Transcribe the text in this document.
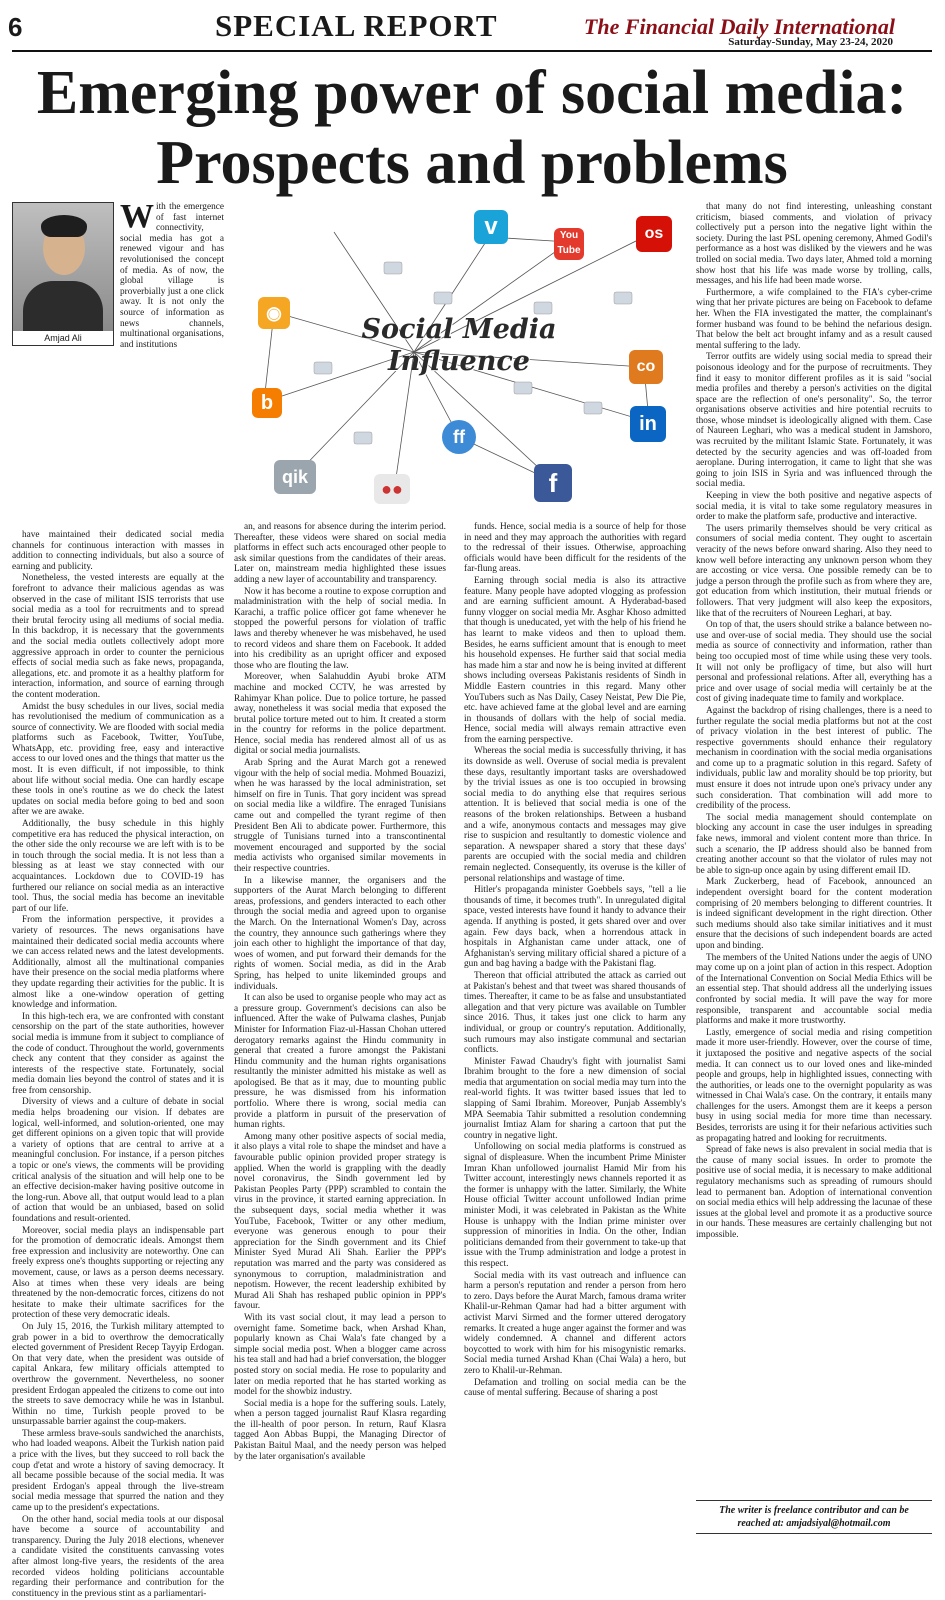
6	SPECIAL REPORT	The Financial Daily International
Saturday-Sunday, May 23-24, 2020
Emerging power of social media:
Prospects and problems
Amjad Ali
With the emergence of fast internet connectivity, social media has got a renewed vigour and has revolutionised the concept of media. As of now, the global village is proverbially just a one click away. It is not only the source of information as news channels, multinational organisations, and institutions

have maintained their dedicated social media channels for continuous interaction with masses in addition to connecting individuals, but also a source of earning and publicity.

Nonetheless, the vested interests are equally at the forefront to advance their malicious agendas as was observed in the case of militant ISIS terrorists that use social media as a tool for recruitments and to spread their brutal ferocity using all mediums of social media. In this backdrop, it is necessary that the governments and the social media outlets collectively adopt more aggressive approach in order to counter the pernicious effects of social media such as fake news, propaganda, allegations, etc. and promote it as a healthy platform for interaction, information, and source of earning through the content moderation.

Amidst the busy schedules in our lives, social media has revolutionised the medium of communication as a source of connectivity. We are flooded with social media platforms such as Facebook, Twitter, YouTube, WhatsApp, etc. providing free, easy and interactive access to our loved ones and the things that matter us the most. It is even difficult, if not impossible, to think about life without social media. One can hardly escape these tools in one's routine as we do check the latest updates on social media before going to bed and soon after we are awake.

Additionally, the busy schedule in this highly competitive era has reduced the physical interaction, on the other side the only recourse we are left with is to be in touch through the social media. It is not less than a blessing as at least we stay connected with our acquaintances. Lockdown due to COVID-19 has furthered our reliance on social media as an interactive tool. Thus, the social media has become an inevitable part of our life.

From the information perspective, it provides a variety of resources. The news organisations have maintained their dedicated social media accounts where we can access related news and the latest developments. Additionally, almost all the multinational companies have their presence on the social media platforms where they update regarding their activities for the public. It is almost like a one-window operation of getting knowledge and information.

In this high-tech era, we are confronted with constant censorship on the part of the state authorities, however social media is immune from it subject to compliance of the code of conduct. Throughout the world, governments check any content that they consider as against the interests of the respective state. Fortunately, social media domain lies beyond the control of states and it is free from censorship.

Diversity of views and a culture of debate in social media helps broadening our vision. If debates are logical, well-informed, and solution-oriented, one may get different opinions on a given topic that will provide a variety of options that are central to arrive at a meaningful conclusion. For instance, if a person pitches a topic or one's views, the comments will be providing critical analysis of the situation and will help one to be an effective decision-maker having positive outcome in the long-run. Above all, that output would lead to a plan of action that would be an unbiased, based on solid foundations and result-oriented.

Moreover, social media plays an indispensable part for the promotion of democratic ideals. Amongst them free expression and inclusivity are noteworthy. One can freely express one's thoughts supporting or rejecting any movement, cause, or laws as a person deems necessary. Also at times when these very ideals are being threatened by the non-democratic forces, citizens do not hesitate to make their ultimate sacrifices for the protection of these very democratic ideals.

On July 15, 2016, the Turkish military attempted to grab power in a bid to overthrow the democratically elected government of President Recep Tayyip Erdogan. On that very date, when the president was outside of capital Ankara, few military officials attempted to overthrow the government. Nevertheless, no sooner president Erdogan appealed the citizens to come out into the streets to save democracy while he was in Istanbul. Within no time, Turkish people proved to be unsurpassable barrier against the coup-makers.

These armless brave-souls sandwiched the anarchists, who had loaded weapons. Albeit the Turkish nation paid a price with the lives, but they succeed to roll back the coup d'etat and wrote a history of saving democracy. It all became possible because of the social media. It was president Erdogan's appeal through the live-stream social media message that spurred the nation and they came up to the president's expectations.

On the other hand, social media tools at our disposal have become a source of accountability and transparency. During the July 2018 elections, whenever a candidate visited the constituents canvassing votes after almost long-five years, the residents of the area recorded videos holding politicians accountable regarding their performance and contribution for the constituency in the previous stint as a parliamentari-

v	You Tube
os
◉
b
qik
co
in
ff
f
●●
Social Media
Influence

an, and reasons for absence during the interim period. Thereafter, these videos were shared on social media platforms in effect such acts encouraged other people to ask similar questions from the candidates of their areas. Later on, mainstream media highlighted these issues adding a new layer of accountability and transparency.

Now it has become a routine to expose corruption and maladministration with the help of social media. In Karachi, a traffic police officer got fame whenever he stopped the powerful persons for violation of traffic laws and thereby whenever he was misbehaved, he used to record videos and share them on Facebook. It added into his credibility as an upright officer and exposed those who are flouting the law.

Moreover, when Salahuddin Ayubi broke ATM machine and mocked CCTV, he was arrested by Rahimyar Khan police. Due to police torture, he passed away, nonetheless it was social media that exposed the brutal police torture meted out to him. It created a storm in the country for reforms in the police department. Hence, social media has rendered almost all of us as digital or social media journalists.

Arab Spring and the Aurat March got a renewed vigour with the help of social media. Mohmed Bouazizi, when he was harassed by the local administration, set himself on fire in Tunis. That gory incident was spread on social media like a wildfire. The enraged Tunisians came out and compelled the tyrant regime of then President Ben Ali to abdicate power. Furthermore, this struggle of Tunisians turned into a transcontinental movement encouraged and supported by the social media activists who organised similar movements in their respective countries.

In a likewise manner, the organisers and the supporters of the Aurat March belonging to different areas, professions, and genders interacted to each other through the social media and agreed upon to organise the March. On the International Women's Day, across the country, they announce such gatherings where they join each other to highlight the importance of that day, woes of women, and put forward their demands for the rights of women. Social media, as did in the Arab Spring, has helped to unite likeminded groups and individuals.

It can also be used to organise people who may act as a pressure group. Government's decisions can also be influenced. After the wake of Pulwama clashes, Punjab Minister for Information Fiaz-ul-Hassan Chohan uttered derogatory remarks against the Hindu community in general that created a furore amongst the Pakistani Hindu community and the human rights organisations resultantly the minister admitted his mistake as well as apologised. Be that as it may, due to mounting public pressure, he was dismissed from his information portfolio. Where there is wrong, social media can provide a platform in pursuit of the preservation of human rights.

Among many other positive aspects of social media, it also plays a vital role to shape the mindset and have a favourable public opinion provided proper strategy is applied. When the world is grappling with the deadly novel coronavirus, the Sindh government led by Pakistan Peoples Party (PPP) scrambled to contain the virus in the province, it started earning appreciation. In the subsequent days, social media whether it was YouTube, Facebook, Twitter or any other medium, everyone was generous enough to pour their appreciation for the Sindh government and its Chief Minister Syed Murad Ali Shah. Earlier the PPP's reputation was marred and the party was considered as synonymous to corruption, maladministration and nepotism. However, the recent leadership exhibited by Murad Ali Shah has reshaped public opinion in PPP's favour.

With its vast social clout, it may lead a person to overnight fame. Sometime back, when Arshad Khan, popularly known as Chai Wala's fate changed by a simple social media post. When a blogger came across his tea stall and had had a brief conversation, the blogger posted story on social media. He rose to popularity and later on media reported that he has started working as model for the showbiz industry.

Social media is a hope for the suffering souls. Lately, when a person tagged journalist Rauf Klasra regarding the ill-health of poor person. In return, Rauf Klasra tagged Aon Abbas Buppi, the Managing Director of Pakistan Baitul Maal, and the needy person was helped by the later organisation's available

funds. Hence, social media is a source of help for those in need and they may approach the authorities with regard to the redressal of their issues. Otherwise, approaching officials would have been difficult for the residents of the far-flung areas.

Earning through social media is also its attractive feature. Many people have adopted vlogging as profession and are earning sufficient amount. A Hyderabad-based funny vlogger on social media Mr. Asghar Khoso admitted that though is uneducated, yet with the help of his friend he has learnt to make videos and then to upload them. Besides, he earns sufficient amount that is enough to meet his household expenses. He further said that social media has made him a star and now he is being invited at different shows including overseas Pakistanis residents of Sindh in Middle Eastern countries in this regard. Many other YouTubers such as Nas Daily, Casey Neistat, Pew Die Pie, etc. have achieved fame at the global level and are earning in thousands of dollars with the help of social media. Hence, social media will always remain attractive even from the earning perspective.

Whereas the social media is successfully thriving, it has its downside as well. Overuse of social media is prevalent these days, resultantly important tasks are overshadowed by the trivial issues as one is too occupied in browsing social media to do anything else that requires serious attention. It is believed that social media is one of the reasons of the broken relationships. Between a husband and a wife, anonymous contacts and messages may give rise to suspicion and resultantly to domestic violence and separation. A newspaper shared a story that these days' parents are occupied with the social media and children remain neglected. Consequently, its overuse is the killer of personal relationships and wastage of time.

Hitler's propaganda minister Goebbels says, "tell a lie thousands of time, it becomes truth". In unregulated digital space, vested interests have found it handy to advance their agenda. If anything is posted, it gets shared over and over again. Few days back, when a horrendous attack in hospitals in Afghanistan came under attack, one of Afghanistan's serving military official shared a picture of a gun and bag having a badge with the Pakistani flag.

Thereon that official attributed the attack as carried out at Pakistan's behest and that tweet was shared thousands of times. Thereafter, it came to be as false and unsubstantiated allegation and that very picture was available on Tumbler since 2016. Thus, it takes just one click to harm any individual, or group or country's reputation. Additionally, such rumours may also instigate communal and sectarian conflicts.

Minister Fawad Chaudry's fight with journalist Sami Ibrahim brought to the fore a new dimension of social media that argumentation on social media may turn into the real-world fights. It was twitter based issues that led to slapping of Sami Ibrahim. Moreover, Punjab Assembly's MPA Seemabia Tahir submitted a resolution condemning journalist Imtiaz Alam for sharing a cartoon that put the country in negative light.

Unfollowing on social media platforms is construed as signal of displeasure. When the incumbent Prime Minister Imran Khan unfollowed journalist Hamid Mir from his Twitter account, interestingly news channels reported it as the former is unhappy with the latter. Similarly, the White House official Twitter account unfollowed Indian prime minister Modi, it was celebrated in Pakistan as the White House is unhappy with the Indian prime minister over suppression of minorities in India. On the other, Indian politicians demanded from their government to take-up that issue with the Trump administration and lodge a protest in this respect.

Social media with its vast outreach and influence can harm a person's reputation and render a person from hero to zero. Days before the Aurat March, famous drama writer Khalil-ur-Rehman Qamar had had a bitter argument with activist Marvi Sirmed and the former uttered derogatory remarks. It created a huge anger against the former and was widely condemned. A channel and different actors boycotted to work with him for his misogynistic remarks. Social media turned Arshad Khan (Chai Wala) a hero, but zero to Khalil-ur-Rehman.

Defamation and trolling on social media can be the cause of mental suffering. Because of sharing a post

that many do not find interesting, unleashing constant criticism, biased comments, and violation of privacy collectively put a person into the negative light within the society. During the last PSL opening ceremony, Ahmed Godil's performance as a host was disliked by the viewers and he was trolled on social media. Two days later, Ahmed told a morning show host that his life was made worse by trolling, calls, messages, and his life had been made worse.

Furthermore, a wife complained to the FIA's cyber-crime wing that her private pictures are being on Facebook to defame her. When the FIA investigated the matter, the complainant's former husband was found to be behind the nefarious design. That below the belt act brought infamy and as a result caused mental suffering to the lady.

Terror outfits are widely using social media to spread their poisonous ideology and for the purpose of recruitments. They find it easy to monitor different profiles as it is said "social media profiles and thereby a person's activities on the digital space are the reflection of one's personality". So, the terror organisations observe activities and hire potential recruits to those, whose mindset is ideologically aligned with them. Case of Naureen Leghari, who was a medical student in Jamshoro, was recruited by the militant Islamic State. Fortunately, it was detected by the security agencies and was off-loaded from aeroplane. During interrogation, it came to light that she was going to join ISIS in Syria and was influenced through the social media.

Keeping in view the both positive and negative aspects of social media, it is vital to take some regulatory measures in order to make the platform safe, productive and interactive.

The users primarily themselves should be very critical as consumers of social media content. They ought to ascertain veracity of the news before onward sharing. Also they need to know well before interacting any unknown person whom they are accosting or vice versa. One possible remedy can be to judge a person through the profile such as from where they are, got education from which institution, their mutual friends or followers. That very judgment will also keep the expositors, like that of the recruiters of Noureen Leghari, at bay.

On top of that, the users should strike a balance between no-use and over-use of social media. They should use the social media as source of connectivity and information, rather than being too occupied most of time while using these very tools. It will not only be profligacy of time, but also will hurt personal and professional relations. After all, everything has a price and over usage of social media will certainly be at the cost of giving inadequate time to family and workplace.

Against the backdrop of rising challenges, there is a need to further regulate the social media platforms but not at the cost of privacy violation in the best interest of public. The respective governments should enhance their regulatory mechanism in coordination with the social media organisations and come up to a pragmatic solution in this regard. Safety of individuals, public law and morality should be top priority, but must ensure it does not intrude upon one's privacy under any such consideration. That combination will add more to credibility of the process.

The social media management should contemplate on blocking any account in case the user indulges in spreading fake news, immoral and violent content more than thrice. In such a scenario, the IP address should also be banned from creating another account so that the violator of rules may not be able to sign-up once again by using different email ID.

Mark Zuckerberg, head of Facebook, announced an independent oversight board for the content moderation comprising of 20 members belonging to different countries. It is indeed significant development in the right direction. Other such mediums should also take similar initiatives and it must ensure that the decisions of such independent boards are acted upon and binding.

The members of the United Nations under the aegis of UNO may come up on a joint plan of action in this respect. Adoption of the International Convention on Social Media Ethics will be an essential step. That should address all the underlying issues confronted by social media. It will pave the way for more responsible, transparent and accountable social media platforms and make it more trustworthy.

Lastly, emergence of social media and rising competition made it more user-friendly. However, over the course of time, it juxtaposed the positive and negative aspects of the social media. It can connect us to our loved ones and like-minded people and groups, help in highlighted issues, connecting with the authorities, or leads one to the overnight popularity as was witnessed in Chai Wala's case. On the contrary, it entails many challenges for the users. Amongst them are it keeps a person busy in using social media for more time than necessary. Besides, terrorists are using it for their nefarious activities such as propagating hatred and looking for recruitments.

Spread of fake news is also prevalent in social media that is the cause of many social issues. In order to promote the positive use of social media, it is necessary to make additional regulatory mechanisms such as spreading of rumours should lead to permanent ban. Adoption of international convention on social media ethics will help addressing the lacunae of these issues at the global level and promote it as a productive source in our hands. These measures are certainly challenging but not impossible.

The writer is freelance contributor and can be
reached at: amjadsiyal@hotmail.com
